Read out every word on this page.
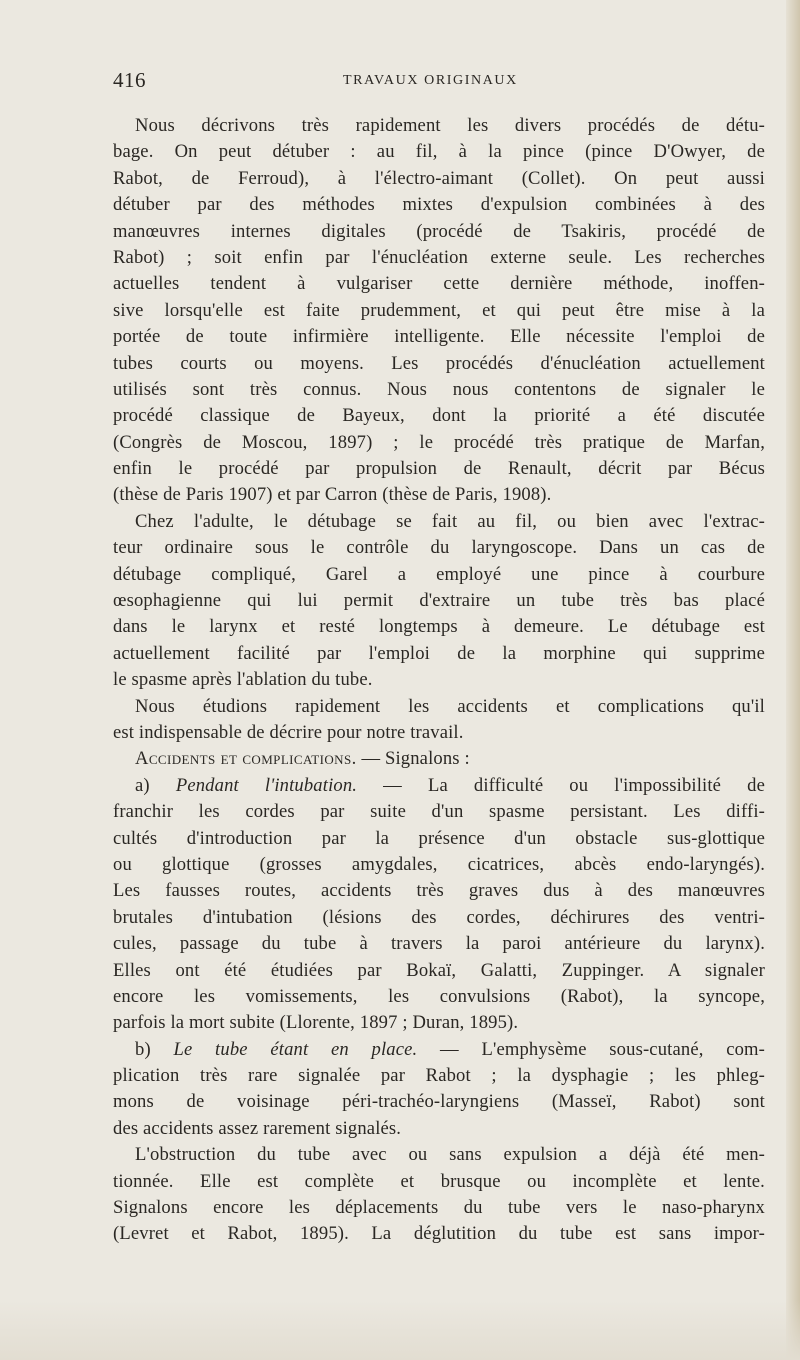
416	TRAVAUX ORIGINAUX
Nous décrivons très rapidement les divers procédés de détu-
bage. On peut détuber : au fil, à la pince (pince D'Owyer, de
Rabot, de Ferroud), à l'électro-aimant (Collet). On peut aussi
détuber par des méthodes mixtes d'expulsion combinées à des
manœuvres internes digitales (procédé de Tsakiris, procédé de
Rabot) ; soit enfin par l'énucléation externe seule. Les recherches
actuelles tendent à vulgariser cette dernière méthode, inoffen-
sive lorsqu'elle est faite prudemment, et qui peut être mise à la
portée de toute infirmière intelligente. Elle nécessite l'emploi de
tubes courts ou moyens. Les procédés d'énucléation actuellement
utilisés sont très connus. Nous nous contentons de signaler le
procédé classique de Bayeux, dont la priorité a été discutée
(Congrès de Moscou, 1897) ; le procédé très pratique de Marfan,
enfin le procédé par propulsion de Renault, décrit par Bécus
(thèse de Paris 1907) et par Carron (thèse de Paris, 1908).
Chez l'adulte, le détubage se fait au fil, ou bien avec l'extrac-
teur ordinaire sous le contrôle du laryngoscope. Dans un cas de
détubage compliqué, Garel a employé une pince à courbure
œsophagienne qui lui permit d'extraire un tube très bas placé
dans le larynx et resté longtemps à demeure. Le détubage est
actuellement facilité par l'emploi de la morphine qui supprime
le spasme après l'ablation du tube.
Nous étudions rapidement les accidents et complications qu'il
est indispensable de décrire pour notre travail.
Accidents et complications. — Signalons :
a) Pendant l'intubation. — La difficulté ou l'impossibilité de
franchir les cordes par suite d'un spasme persistant. Les diffi-
cultés d'introduction par la présence d'un obstacle sus-glottique
ou glottique (grosses amygdales, cicatrices, abcès endo-laryngés).
Les fausses routes, accidents très graves dus à des manœuvres
brutales d'intubation (lésions des cordes, déchirures des ventri-
cules, passage du tube à travers la paroi antérieure du larynx).
Elles ont été étudiées par Bokaï, Galatti, Zuppinger. A signaler
encore les vomissements, les convulsions (Rabot), la syncope,
parfois la mort subite (Llorente, 1897 ; Duran, 1895).
b) Le tube étant en place. — L'emphysème sous-cutané, com-
plication très rare signalée par Rabot ; la dysphagie ; les phleg-
mons de voisinage péri-trachéo-laryngiens (Masseï, Rabot) sont
des accidents assez rarement signalés.
L'obstruction du tube avec ou sans expulsion a déjà été men-
tionnée. Elle est complète et brusque ou incomplète et lente.
Signalons encore les déplacements du tube vers le naso-pharynx
(Levret et Rabot, 1895). La déglutition du tube est sans impor-
